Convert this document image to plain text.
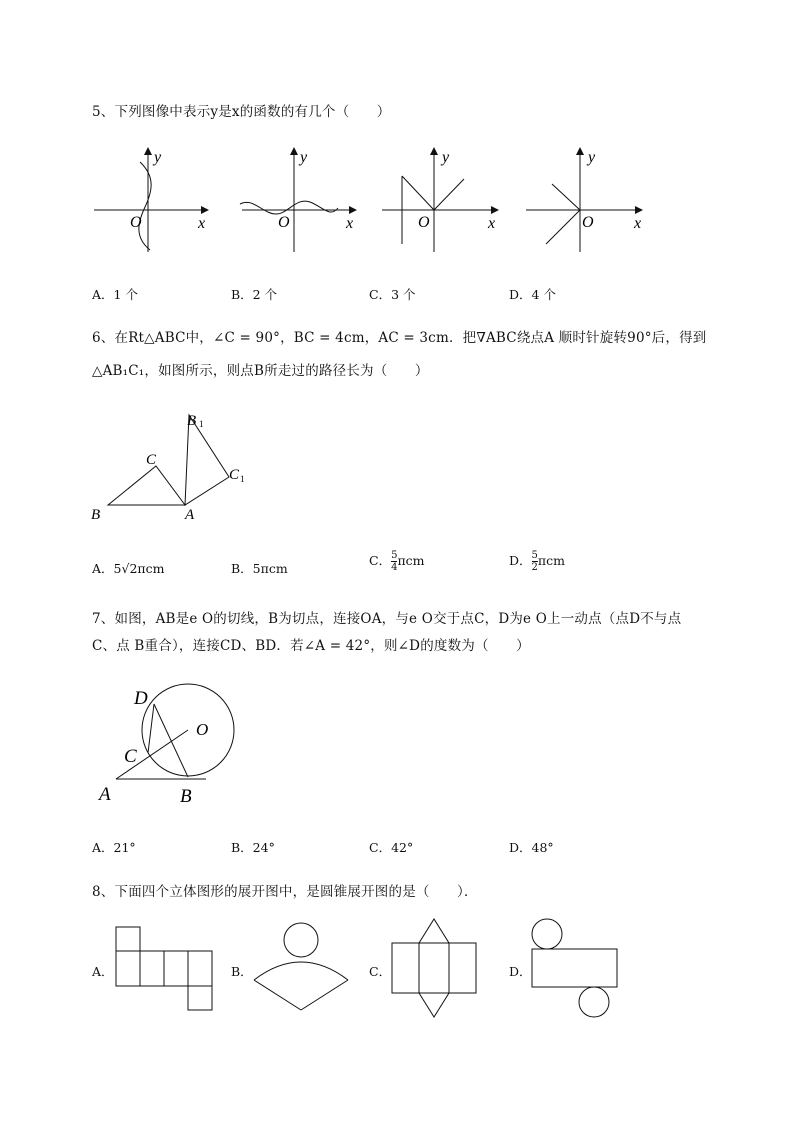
5、下列图像中表示y是x的函数的有几个（　　）
y
x
O
y
x
O
y
x
O
y
x
O
A．1 个	B．2 个	C．3 个	D．4 个
6、在Rt△ABC中，∠C = 90°，BC = 4cm，AC = 3cm．把∇ABC绕点A 顺时针旋转90°后，得到
△AB₁C₁，如图所示，则点B所走过的路径长为（　　）
B	A
C
B 1
C 1
A．5√2πcm	B．5πcm
C． $\frac{5}{4}$ πcm	D． $\frac{5}{2}$ πcm
7、如图，AB是e O的切线，B为切点，连接OA，与e O交于点C，D为e O上一动点（点D不与点
C、点 B重合），连接CD、BD．若∠A = 42°，则∠D的度数为（　　）
D
O
C
A	B
A．21°	B．24°	C．42°	D．48°
8、下面四个立体图形的展开图中，是圆锥展开图的是（　　）．
A．	B．	C．	D．
